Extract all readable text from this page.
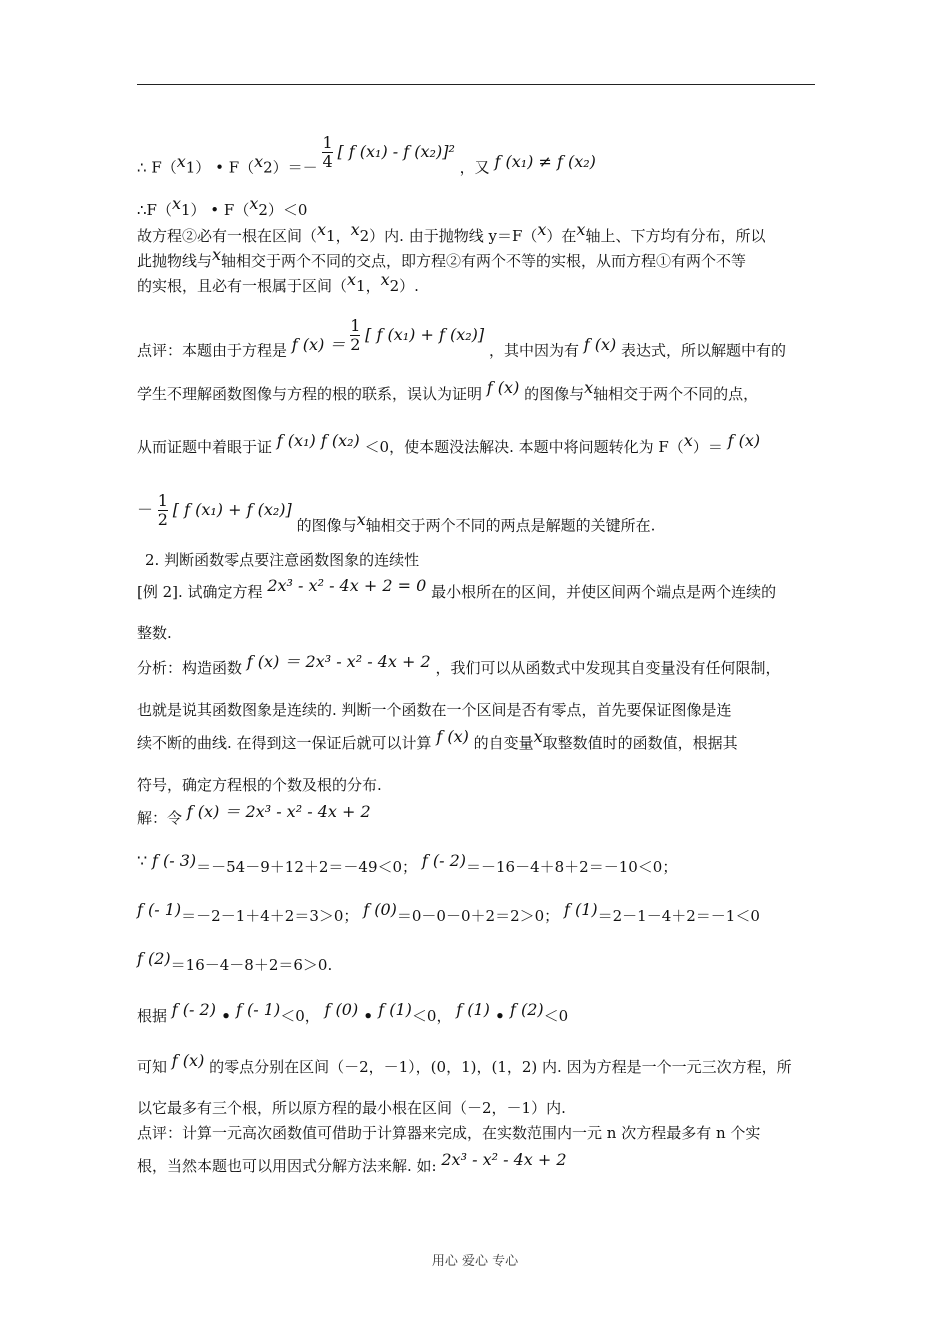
∴ F（x1） • $F(x2)=- \frac{1}{4}$ [ f (x₁) - f (x₂)]² ，又 f (x₁) ≠ f (x₂)
∴F（x1） • F（x2）＜0
故方程②必有一根在区间（x1，x2）内. 由于抛物线 y＝F（x）在x轴上、下方均有分布，所以
此抛物线与x轴相交于两个不同的交点，即方程②有两个不等的实根，从而方程①有两个不等
的实根，且必有一根属于区间（x1，x2）.
点评：本题由于方程是 f $(x) = \frac{1}{2}$ [ f (x₁) + f (x₂)] ，其中因为有 f (x) 表达式，所以解题中有的
学生不理解函数图像与方程的根的联系，误认为证明 f (x) 的图像与x轴相交于两个不同的点，
从而证题中着眼于证 f (x₁) f (x₂) ＜0，使本题没法解决. 本题中将问题转化为 F（x）＝ f (x)
－ $\frac{1}{2}$ [ f (x₁) + f (x₂)] 的图像与x轴相交于两个不同的两点是解题的关键所在.
2. 判断函数零点要注意函数图象的连续性
[例 2]. 试确定方程 2x³ - x² - 4x + 2 = 0 最小根所在的区间，并使区间两个端点是两个连续的
整数.
分析：构造函数 f (x) ＝ 2x³ - x² - 4x + 2 ，我们可以从函数式中发现其自变量没有任何限制，
也就是说其函数图象是连续的. 判断一个函数在一个区间是否有零点，首先要保证图像是连
续不断的曲线. 在得到这一保证后就可以计算 f (x) 的自变量x取整数值时的函数值，根据其
符号，确定方程根的个数及根的分布.
解：令 f (x) ＝ 2x³ - x² - 4x + 2
∵ f (- 3)＝－54－9＋12＋2＝－49＜0； f (- 2)＝－16－4＋8＋2＝－10＜0；
f (- 1)＝－2－1＋4＋2＝3＞0； f (0)＝0－0－0＋2＝2＞0； f (1)＝2－1－4＋2＝－1＜0
f (2)＝16－4－8＋2＝6＞0.
根据 f (- 2) • f (- 1)＜0， f (0) • f (1)＜0， f (1) • f (2)＜0
可知 f (x) 的零点分别在区间（－2，－1），(0，1)，(1，2) 内. 因为方程是一个一元三次方程，所
以它最多有三个根，所以原方程的最小根在区间（－2，－1）内.
点评：计算一元高次函数值可借助于计算器来完成，在实数范围内一元 n 次方程最多有 n 个实
根，当然本题也可以用因式分解方法来解. 如: 2x³ - x² - 4x + 2
用心 爱心 专心
